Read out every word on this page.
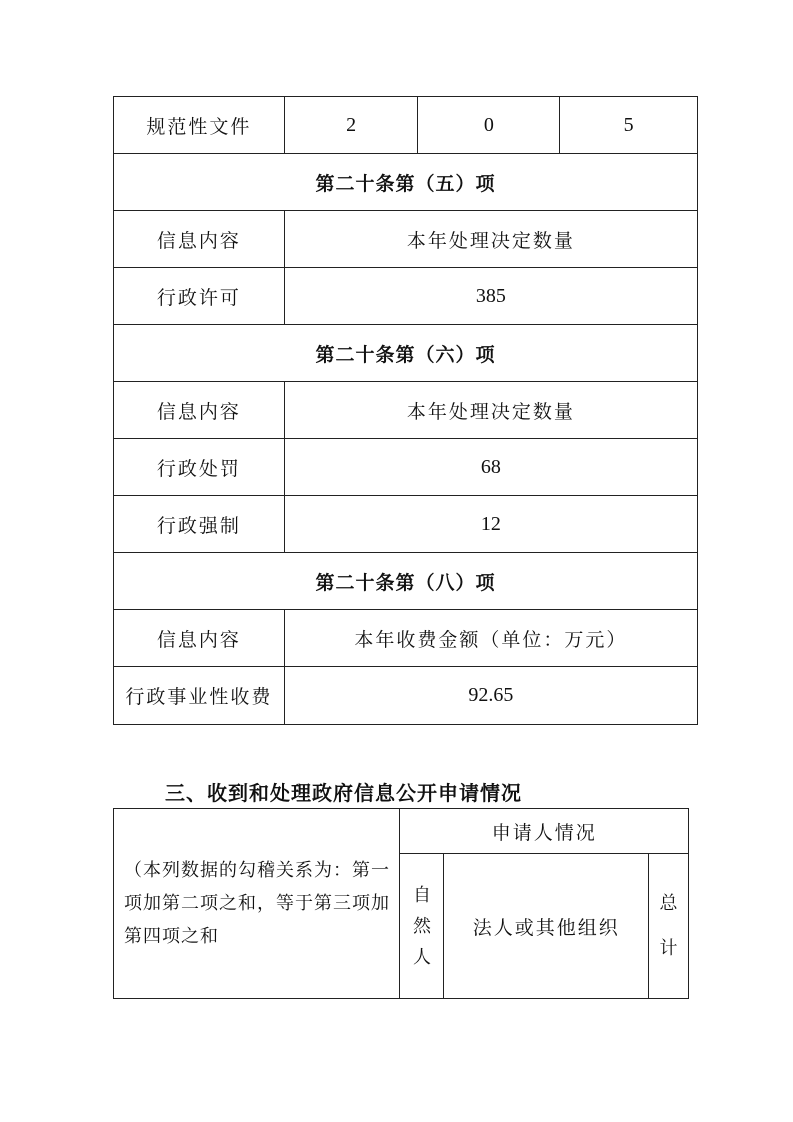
规范性文件	2	0	5
第二十条第（五）项			
信息内容	本年处理决定数量		
行政许可	385		
第二十条第（六）项			
信息内容	本年处理决定数量		
行政处罚	68		
行政强制	12		
第二十条第（八）项			
信息内容	本年收费金额（单位：万元）		
行政事业性收费	92.65		
三、收到和处理政府信息公开申请情况
（本列数据的勾稽关系为：第一项加第二项之和，等于第三项加第四项之和	申请人情况		

	自
然
人	法人或其他组织	总
计
